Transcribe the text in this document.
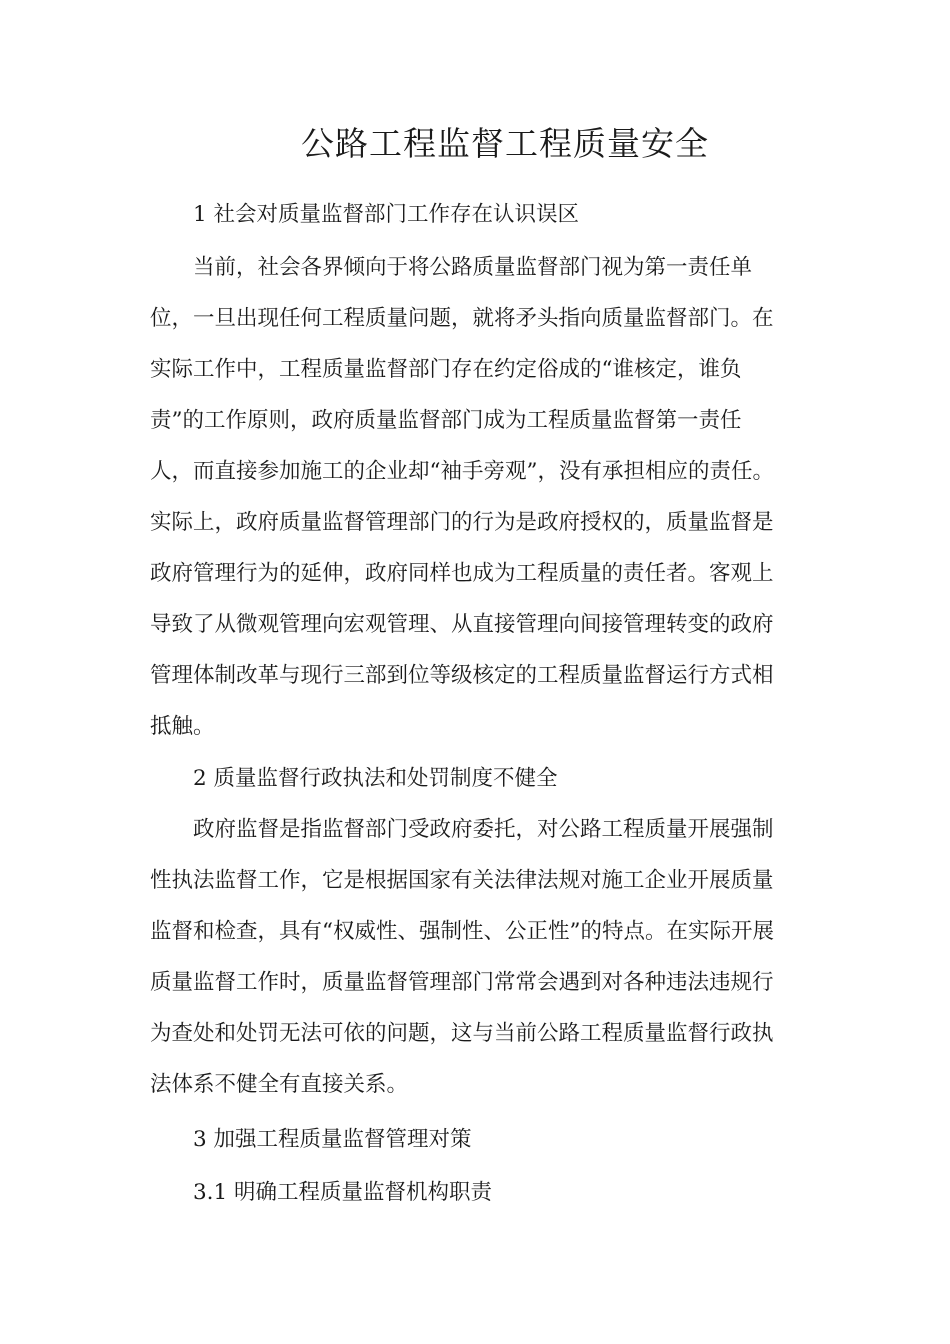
公路工程监督工程质量安全
1 社会对质量监督部门工作存在认识误区
当前，社会各界倾向于将公路质量监督部门视为第一责任单
位，一旦出现任何工程质量问题，就将矛头指向质量监督部门。在
实际工作中，工程质量监督部门存在约定俗成的“谁核定，谁负
责”的工作原则，政府质量监督部门成为工程质量监督第一责任
人，而直接参加施工的企业却“袖手旁观”，没有承担相应的责任。
实际上，政府质量监督管理部门的行为是政府授权的，质量监督是
政府管理行为的延伸，政府同样也成为工程质量的责任者。客观上
导致了从微观管理向宏观管理、从直接管理向间接管理转变的政府
管理体制改革与现行三部到位等级核定的工程质量监督运行方式相
抵触。
2 质量监督行政执法和处罚制度不健全
政府监督是指监督部门受政府委托，对公路工程质量开展强制
性执法监督工作，它是根据国家有关法律法规对施工企业开展质量
监督和检查，具有“权威性、强制性、公正性”的特点。在实际开展
质量监督工作时，质量监督管理部门常常会遇到对各种违法违规行
为查处和处罚无法可依的问题，这与当前公路工程质量监督行政执
法体系不健全有直接关系。
3 加强工程质量监督管理对策
3.1 明确工程质量监督机构职责
